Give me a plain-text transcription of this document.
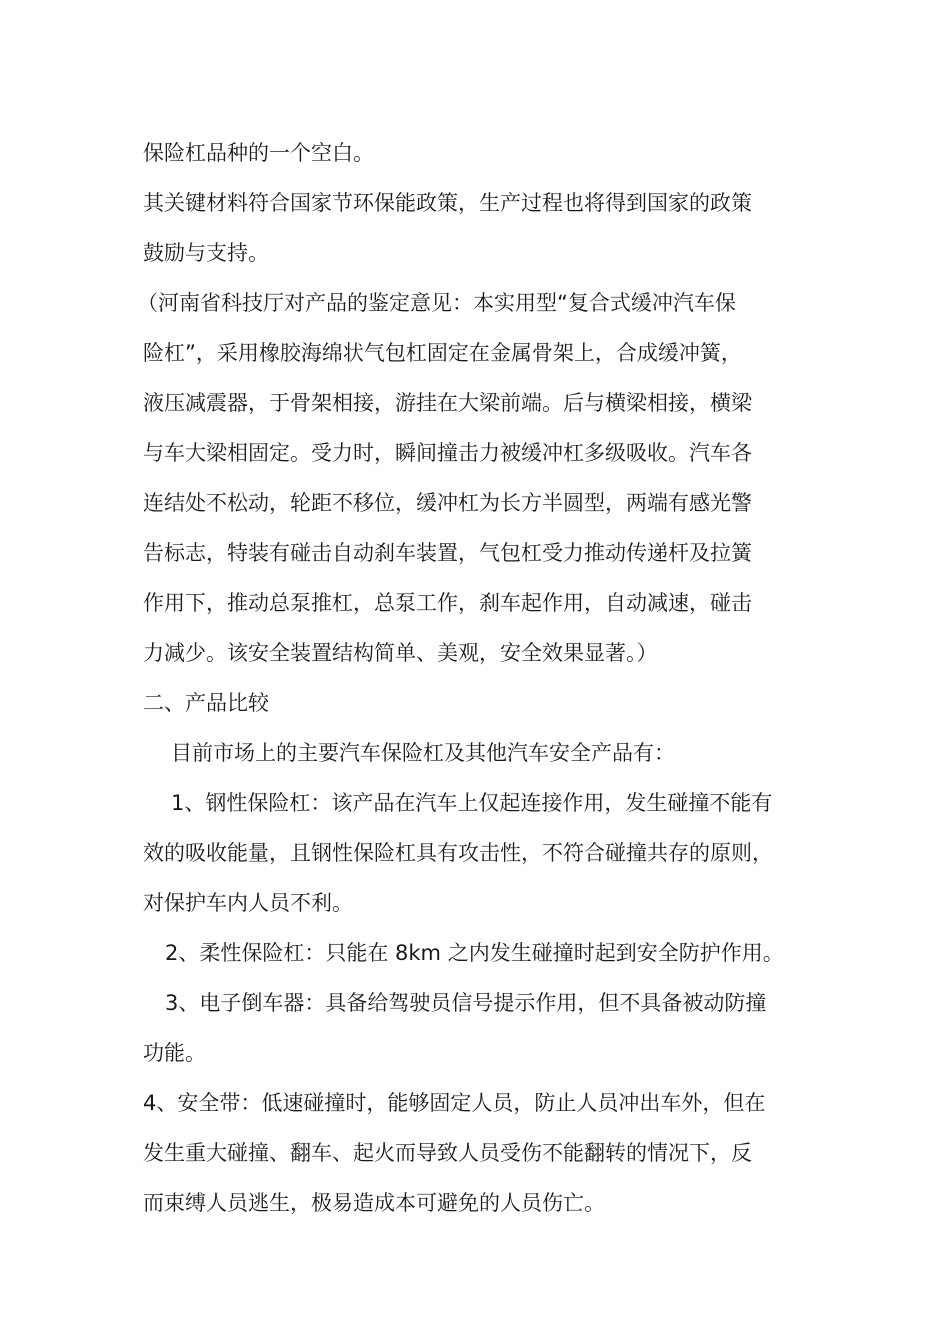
保险杠品种的一个空白。
其关键材料符合国家节环保能政策，生产过程也将得到国家的政策
鼓励与支持。
（河南省科技厅对产品的鉴定意见：本实用型“复合式缓冲汽车保
险杠”，采用橡胶海绵状气包杠固定在金属骨架上，合成缓冲簧，
液压减震器，于骨架相接，游挂在大梁前端。后与横梁相接，横梁
与车大梁相固定。受力时，瞬间撞击力被缓冲杠多级吸收。汽车各
连结处不松动，轮距不移位，缓冲杠为长方半圆型，两端有感光警
告标志，特装有碰击自动刹车装置，气包杠受力推动传递杆及拉簧
作用下，推动总泵推杠，总泵工作，刹车起作用，自动减速，碰击
力减少。该安全装置结构简单、美观，安全效果显著。）
二、产品比较
目前市场上的主要汽车保险杠及其他汽车安全产品有：
1、钢性保险杠：该产品在汽车上仅起连接作用，发生碰撞不能有
效的吸收能量，且钢性保险杠具有攻击性，不符合碰撞共存的原则，
对保护车内人员不利。
2、柔性保险杠：只能在 8km 之内发生碰撞时起到安全防护作用。
3、电子倒车器：具备给驾驶员信号提示作用，但不具备被动防撞
功能。
4、安全带：低速碰撞时，能够固定人员，防止人员冲出车外，但在
发生重大碰撞、翻车、起火而导致人员受伤不能翻转的情况下，反
而束缚人员逃生，极易造成本可避免的人员伤亡。
